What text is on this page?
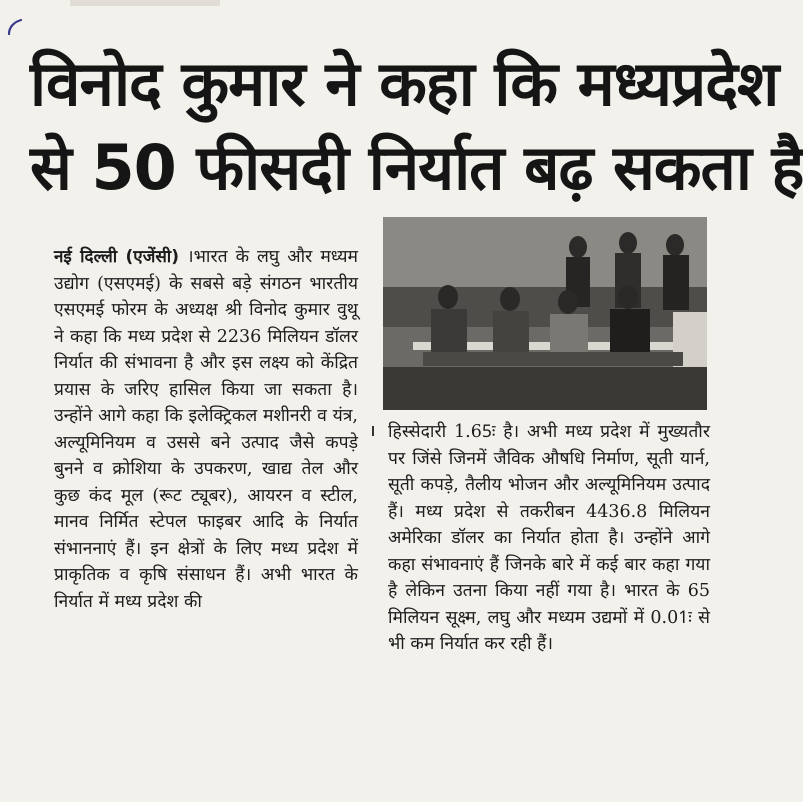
विनोद कुमार ने कहा कि मध्यप्रदेश
से 50 फीसदी निर्यात बढ़ सकता है
नई दिल्ली (एजेंसी) ।भारत के लघु और मध्यम उद्योग (एसएमई) के सबसे बड़े संगठन भारतीय एसएमई फोरम के अध्यक्ष श्री विनोद कुमार वुथू ने कहा कि मध्य प्रदेश से 2236 मिलियन डॉलर निर्यात की संभावना है और इस लक्ष्य को केंद्रित प्रयास के जरिए हासिल किया जा सकता है। उन्होंने आगे कहा कि इलेक्ट्रिकल मशीनरी व यंत्र, अल्यूमिनियम व उससे बने उत्पाद जैसे कपड़े बुनने व क्रोशिया के उपकरण, खाद्य तेल और कुछ कंद मूल (रूट ट्यूबर), आयरन व स्टील, मानव निर्मित स्टेपल फाइबर आदि के निर्यात संभाननाएं हैं। इन क्षेत्रों के लिए मध्य प्रदेश में प्राकृतिक व कृषि संसाधन हैं। अभी भारत के निर्यात में मध्य प्रदेश की
हिस्सेदारी 1.65ः है। अभी मध्य प्रदेश में मुख्यतौर पर जिंसे जिनमें जैविक औषधि निर्माण, सूती यार्न, सूती कपड़े, तैलीय भोजन और अल्यूमिनियम उत्पाद हैं। मध्य प्रदेश से तकरीबन 4436.8 मिलियन अमेरिका डॉलर का निर्यात होता है। उन्होंने आगे कहा संभावनाएं हैं जिनके बारे में कई बार कहा गया है लेकिन उतना किया नहीं गया है। भारत के 65 मिलियन सूक्ष्म, लघु और मध्यम उद्यमों में 0.01ः से भी कम निर्यात कर रही हैं।
